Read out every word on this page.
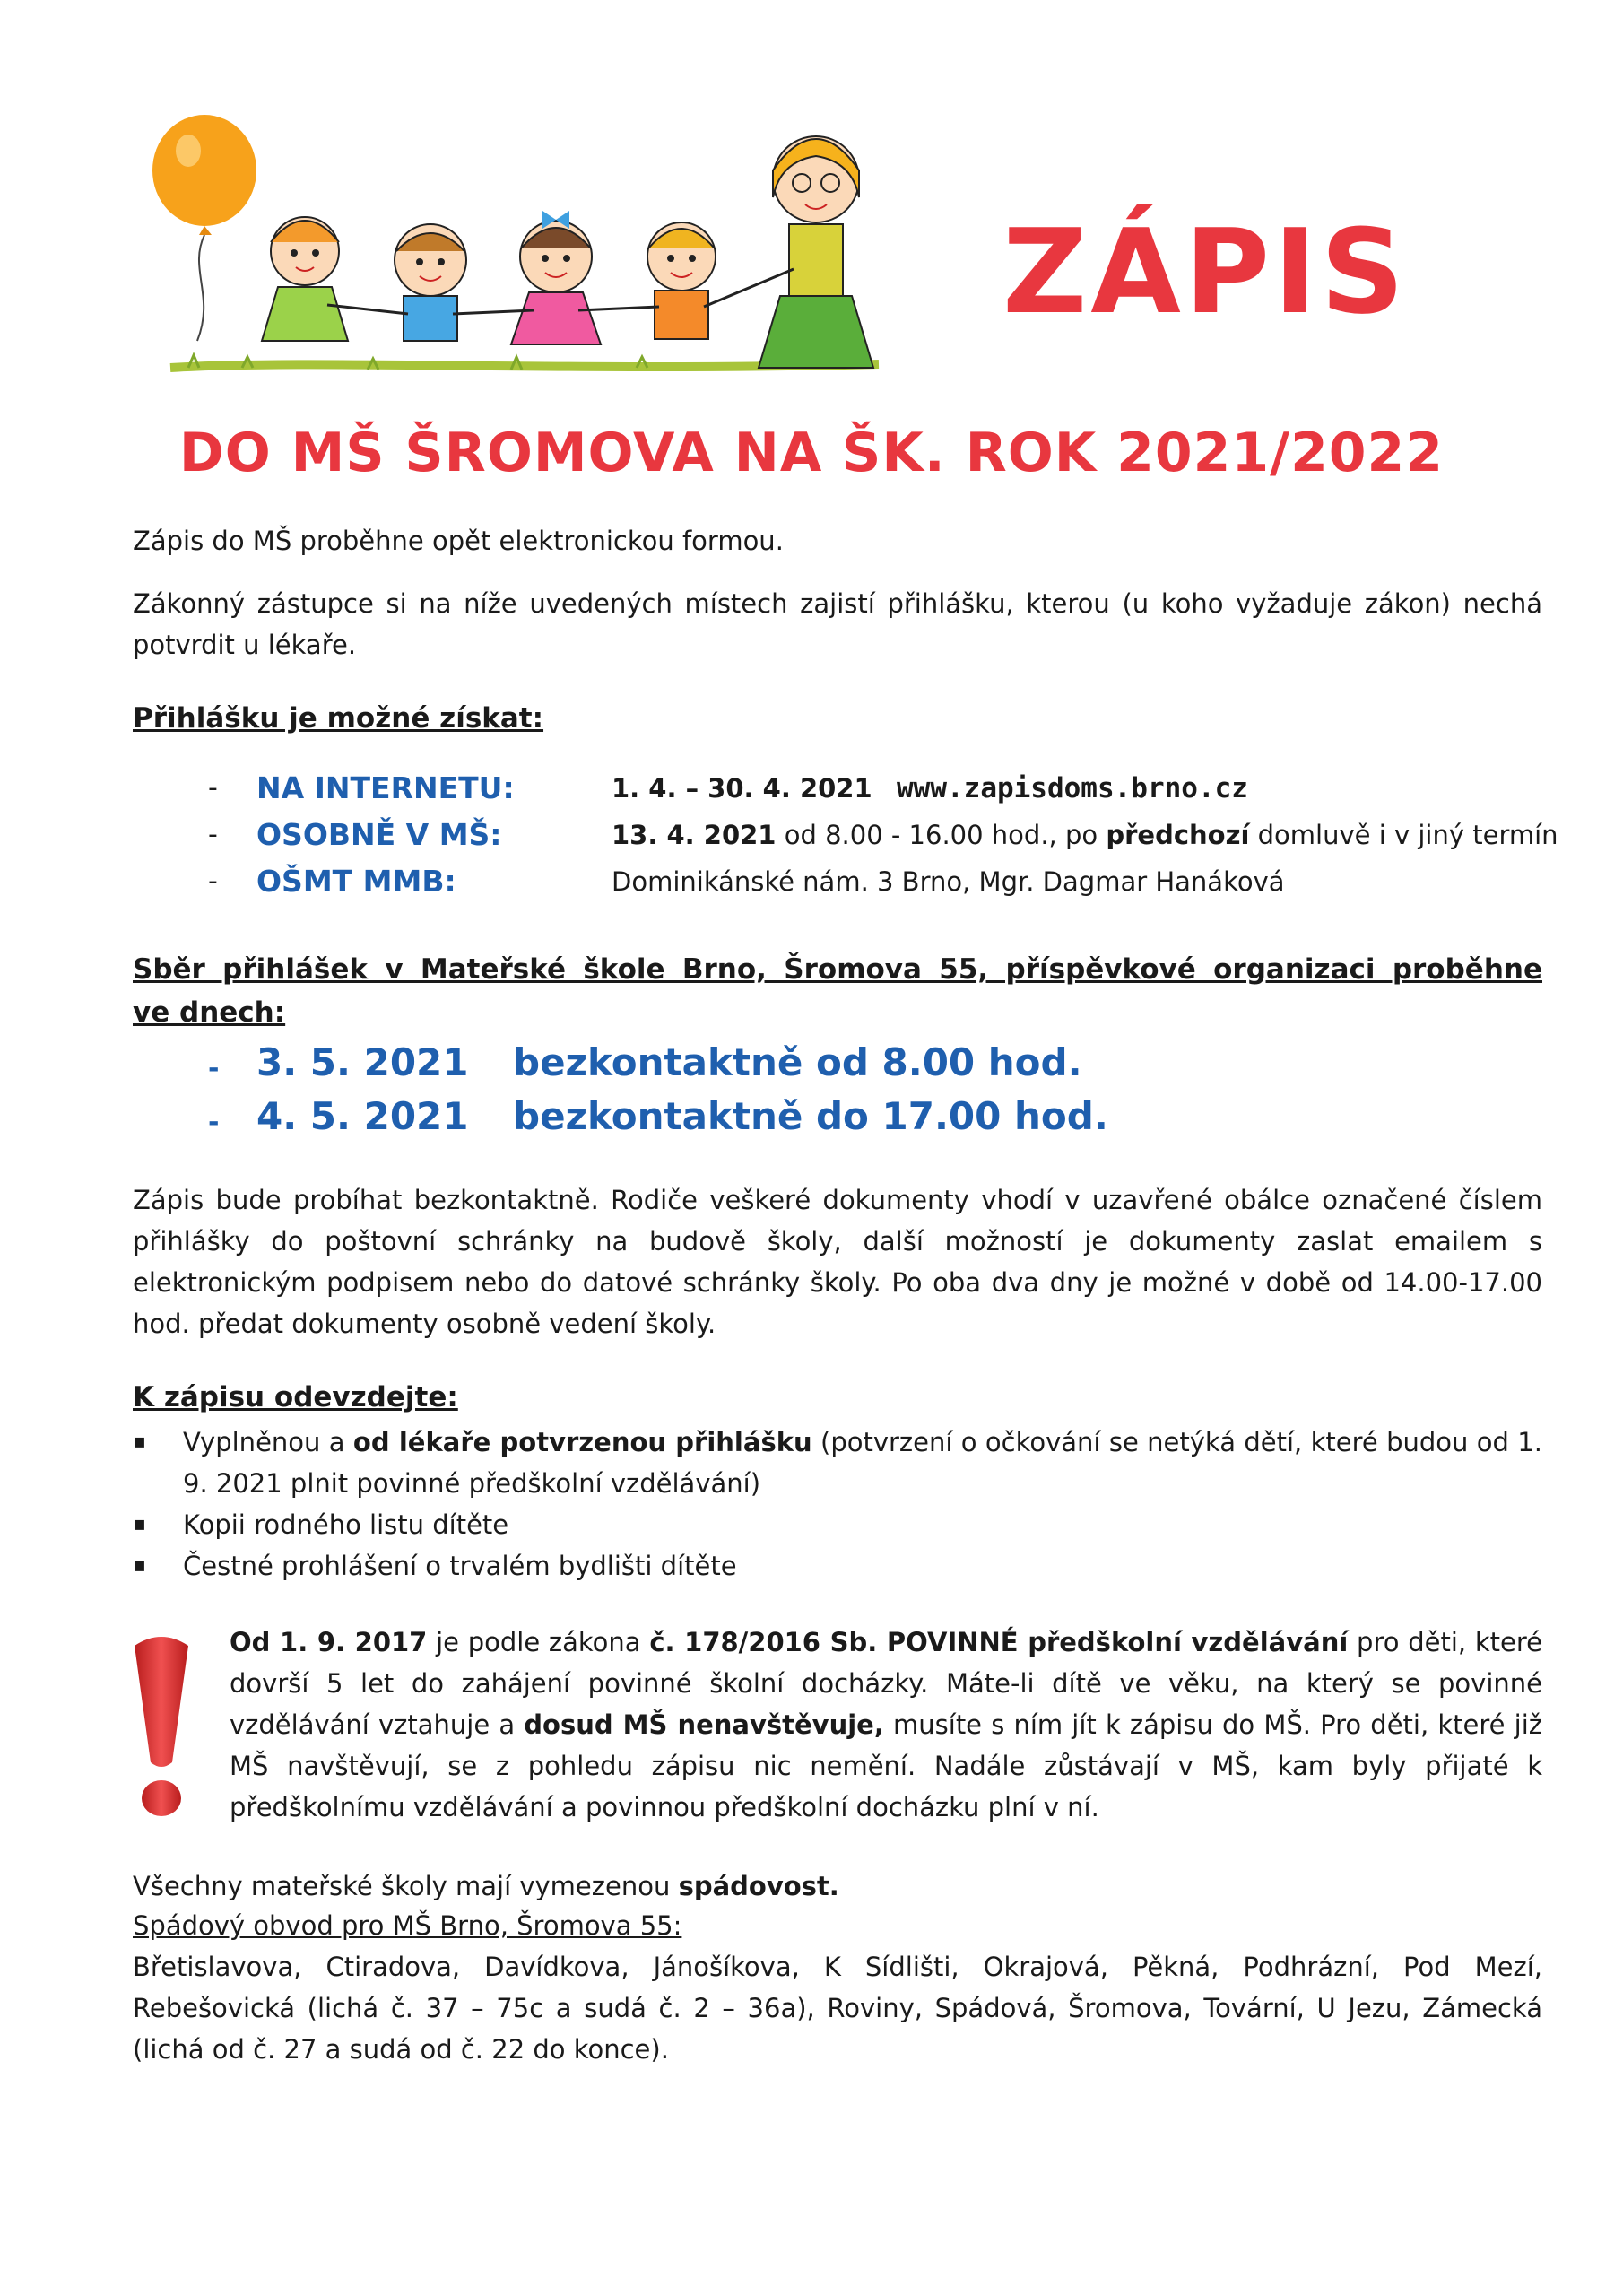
ZÁPIS
DO MŠ ŠROMOVA NA ŠK. ROK 2021/2022
Zápis do MŠ proběhne opět elektronickou formou.
Zákonný zástupce si na níže uvedených místech zajistí přihlášku, kterou (u koho vyžaduje zákon) nechá potvrdit u lékaře.
Přihlášku je možné získat:
- NA INTERNETU:	1. 4. – 30. 4. 2021 www.zapisdoms.brno.cz
- OSOBNĚ V MŠ:	13. 4. 2021 od 8.00 - 16.00 hod., po předchozí domluvě i v jiný termín
- OŠMT MMB:	Dominikánské nám. 3 Brno, Mgr. Dagmar Hanáková
Sběr přihlášek v Mateřské škole Brno, Šromova 55, příspěvkové organizaci proběhne
ve dnech:
- 3. 5. 2021 bezkontaktně od 8.00 hod.
- 4. 5. 2021 bezkontaktně do 17.00 hod.
Zápis bude probíhat bezkontaktně. Rodiče veškeré dokumenty vhodí v uzavřené obálce označené číslem přihlášky do poštovní schránky na budově školy, další možností je dokumenty zaslat emailem s elektronickým podpisem nebo do datové schránky školy. Po oba dva dny je možné v době od 14.00-17.00 hod. předat dokumenty osobně vedení školy.
K zápisu odevzdejte:
▪ Vyplněnou a od lékaře potvrzenou přihlášku (potvrzení o očkování se netýká dětí, které budou od 1. 9. 2021 plnit povinné předškolní vzdělávání)
▪ Kopii rodného listu dítěte
▪ Čestné prohlášení o trvalém bydlišti dítěte
Od 1. 9. 2017 je podle zákona č. 178/2016 Sb. POVINNÉ předškolní vzdělávání pro děti, které dovrší 5 let do zahájení povinné školní docházky. Máte-li dítě ve věku, na který se povinné vzdělávání vztahuje a dosud MŠ nenavštěvuje, musíte s ním jít k zápisu do MŠ. Pro děti, které již MŠ navštěvují, se z pohledu zápisu nic nemění. Nadále zůstávají v MŠ, kam byly přijaté k předškolnímu vzdělávání a povinnou předškolní docházku plní v ní.
Všechny mateřské školy mají vymezenou spádovost.
Spádový obvod pro MŠ Brno, Šromova 55:
Břetislavova, Ctiradova, Davídkova, Jánošíkova, K Sídlišti, Okrajová, Pěkná, Podhrázní, Pod Mezí, Rebešovická (lichá č. 37 – 75c a sudá č. 2 – 36a), Roviny, Spádová, Šromova, Tovární, U Jezu, Zámecká (lichá od č. 27 a sudá od č. 22 do konce).
